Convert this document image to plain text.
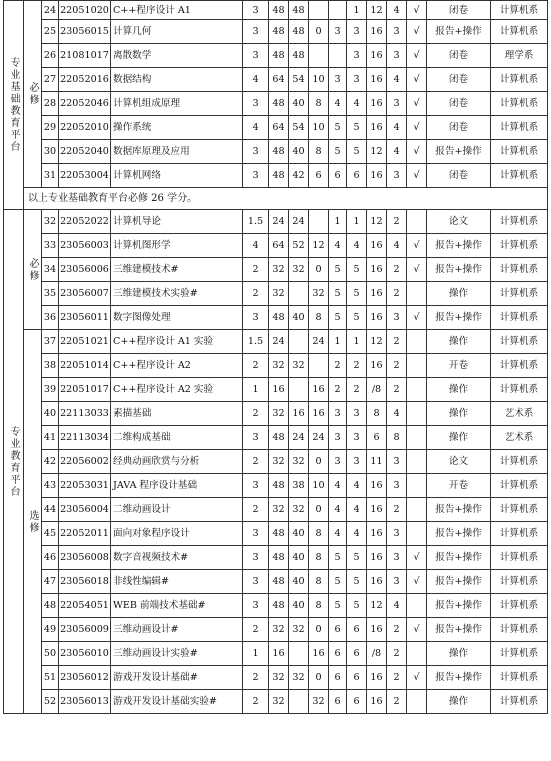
专业基础教育平台	必修	24	22051020	C++程序设计 A1	3	48	48			1	12	4	√	闭卷	计算机系
		25	23056015	计算几何	3	48	48	0	3	3	16	3	√	报告+操作	计算机系
		26	21081017	离散数学	3	48	48			3	16	3	√	闭卷	理学系
		27	22052016	数据结构	4	64	54	10	3	3	16	4	√	闭卷	计算机系
		28	22052046	计算机组成原理	3	48	40	8	4	4	16	3	√	闭卷	计算机系
		29	22052010	操作系统	4	64	54	10	5	5	16	4	√	闭卷	计算机系
		30	22052040	数据库原理及应用	3	48	40	8	5	5	12	4	√	报告+操作	计算机系
		31	22053004	计算机网络	3	48	42	6	6	6	16	3	√	闭卷	计算机系
	以上专业基础教育平台必修 26 学分。														
专业教育平台	必修	32	22052022	计算机导论	1.5	24	24		1	1	12	2		论文	计算机系
		33	23056003	计算机图形学	4	64	52	12	4	4	16	4	√	报告+操作	计算机系
		34	23056006	三维建模技术#	2	32	32	0	5	5	16	2	√	报告+操作	计算机系
		35	23056007	三维建模技术实验#	2	32		32	5	5	16	2		操作	计算机系
		36	23056011	数字图像处理	3	48	40	8	5	5	16	3	√	报告+操作	计算机系
	选修	37	22051021	C++程序设计 A1 实验	1.5	24		24	1	1	12	2		操作	计算机系
		38	22051014	C++程序设计 A2	2	32	32		2	2	16	2		开卷	计算机系
		39	22051017	C++程序设计 A2 实验	1	16		16	2	2	/8	2		操作	计算机系
		40	22113033	素描基础	2	32	16	16	3	3	8	4		操作	艺术系
		41	22113034	二维构成基础	3	48	24	24	3	3	6	8		操作	艺术系
		42	22056002	经典动画欣赏与分析	2	32	32	0	3	3	11	3		论文	计算机系
		43	22053031	JAVA 程序设计基础	3	48	38	10	4	4	16	3		开卷	计算机系
		44	23056004	二维动画设计	2	32	32	0	4	4	16	2		报告+操作	计算机系
		45	22052011	面向对象程序设计	3	48	40	8	4	4	16	3		报告+操作	计算机系
		46	23056008	数字音视频技术#	3	48	40	8	5	5	16	3	√	报告+操作	计算机系
		47	23056018	非线性编辑#	3	48	40	8	5	5	16	3	√	报告+操作	计算机系
		48	22054051	WEB 前端技术基础#	3	48	40	8	5	5	12	4		报告+操作	计算机系
		49	23056009	三维动画设计#	2	32	32	0	6	6	16	2	√	报告+操作	计算机系
		50	23056010	三维动画设计实验#	1	16		16	6	6	/8	2		操作	计算机系
		51	23056012	游戏开发设计基础#	2	32	32	0	6	6	16	2	√	报告+操作	计算机系
		52	23056013	游戏开发设计基础实验#	2	32		32	6	6	16	2		操作	计算机系
